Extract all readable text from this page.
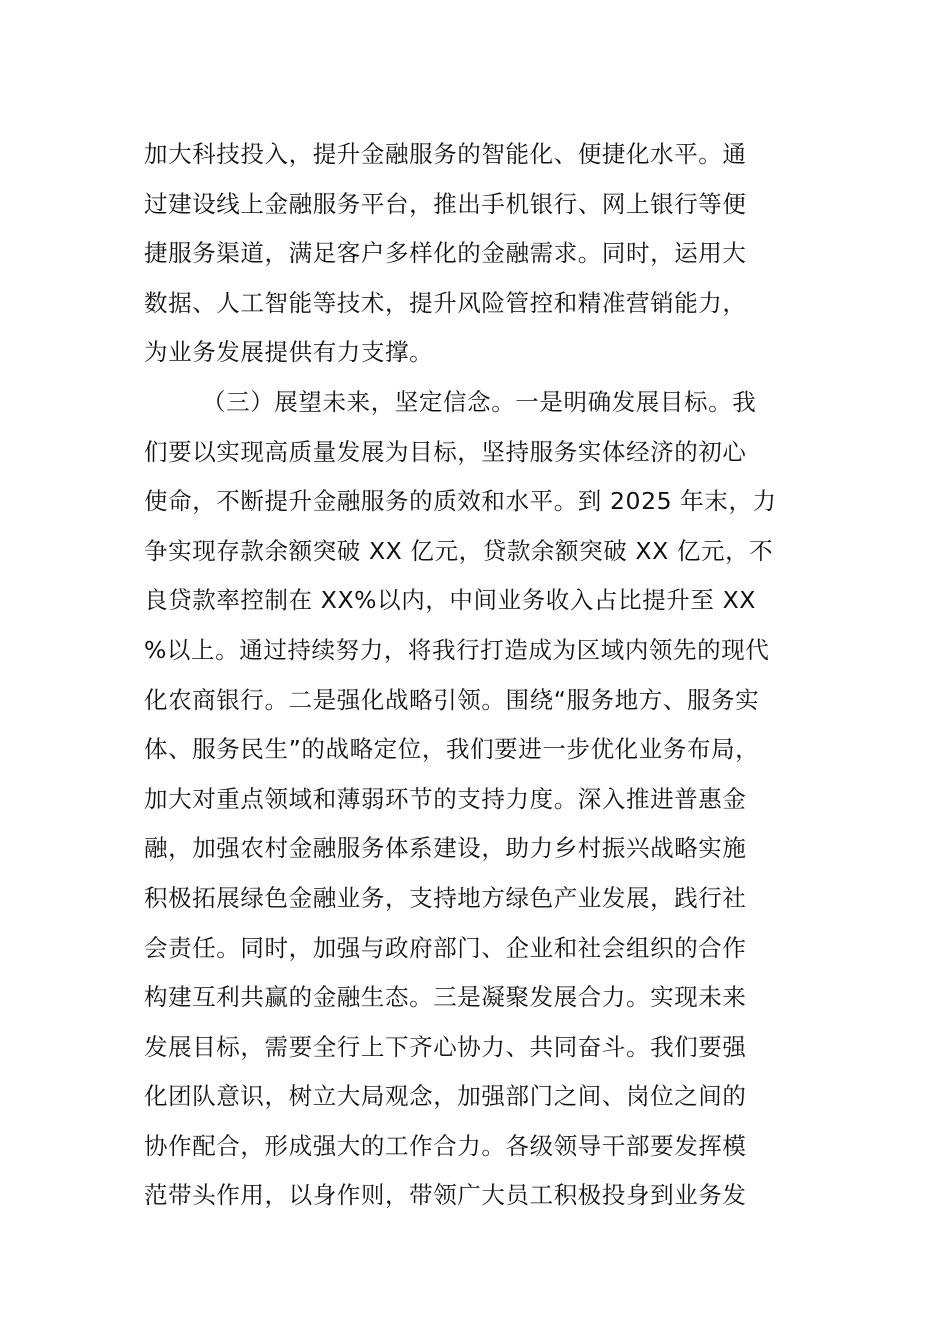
加大科技投入，提升金融服务的智能化、便捷化水平。通
过建设线上金融服务平台，推出手机银行、网上银行等便
捷服务渠道，满足客户多样化的金融需求。同时，运用大
数据、人工智能等技术，提升风险管控和精准营销能力，
为业务发展提供有力支撑。
（三）展望未来，坚定信念。一是明确发展目标。我
们要以实现高质量发展为目标，坚持服务实体经济的初心
使命，不断提升金融服务的质效和水平。到 2025 年末，力
争实现存款余额突破 XX 亿元，贷款余额突破 XX 亿元，不
良贷款率控制在 XX%以内，中间业务收入占比提升至 XX
%以上。通过持续努力，将我行打造成为区域内领先的现代
化农商银行。二是强化战略引领。围绕“服务地方、服务实
体、服务民生”的战略定位，我们要进一步优化业务布局，
加大对重点领域和薄弱环节的支持力度。深入推进普惠金
融，加强农村金融服务体系建设，助力乡村振兴战略实施
积极拓展绿色金融业务，支持地方绿色产业发展，践行社
会责任。同时，加强与政府部门、企业和社会组织的合作
构建互利共赢的金融生态。三是凝聚发展合力。实现未来
发展目标，需要全行上下齐心协力、共同奋斗。我们要强
化团队意识，树立大局观念，加强部门之间、岗位之间的
协作配合，形成强大的工作合力。各级领导干部要发挥模
范带头作用，以身作则，带领广大员工积极投身到业务发
